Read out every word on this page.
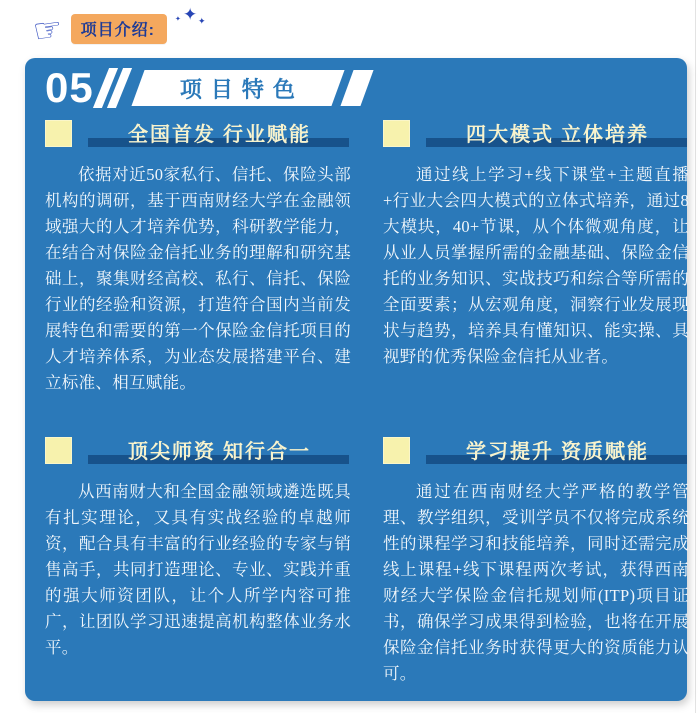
☞ 项目介绍:
✦ ✦
✦
05	项目特色
全国首发 行业赋能

依据对近50家私行、信托、保险头部机构的调研，基于西南财经大学在金融领域强大的人才培养优势，科研教学能力，在结合对保险金信托业务的理解和研究基础上，聚集财经高校、私行、信托、保险行业的经验和资源，打造符合国内当前发展特色和需要的第一个保险金信托项目的人才培养体系，为业态发展搭建平台、建立标准、相互赋能。

四大模式 立体培养

通过线上学习+线下课堂+主题直播+行业大会四大模式的立体式培养，通过8大模块，40+节课，从个体微观角度，让从业人员掌握所需的金融基础、保险金信托的业务知识、实战技巧和综合等所需的全面要素；从宏观角度，洞察行业发展现状与趋势，培养具有懂知识、能实操、具视野的优秀保险金信托从业者。

顶尖师资 知行合一

从西南财大和全国金融领域遴选既具有扎实理论，又具有实战经验的卓越师资，配合具有丰富的行业经验的专家与销售高手，共同打造理论、专业、实践并重的强大师资团队，让个人所学内容可推广，让团队学习迅速提高机构整体业务水平。

学习提升 资质赋能

通过在西南财经大学严格的教学管理、教学组织，受训学员不仅将完成系统性的课程学习和技能培养，同时还需完成线上课程+线下课程两次考试，获得西南财经大学保险金信托规划师(ITP)项目证书，确保学习成果得到检验，也将在开展保险金信托业务时获得更大的资质能力认可。
